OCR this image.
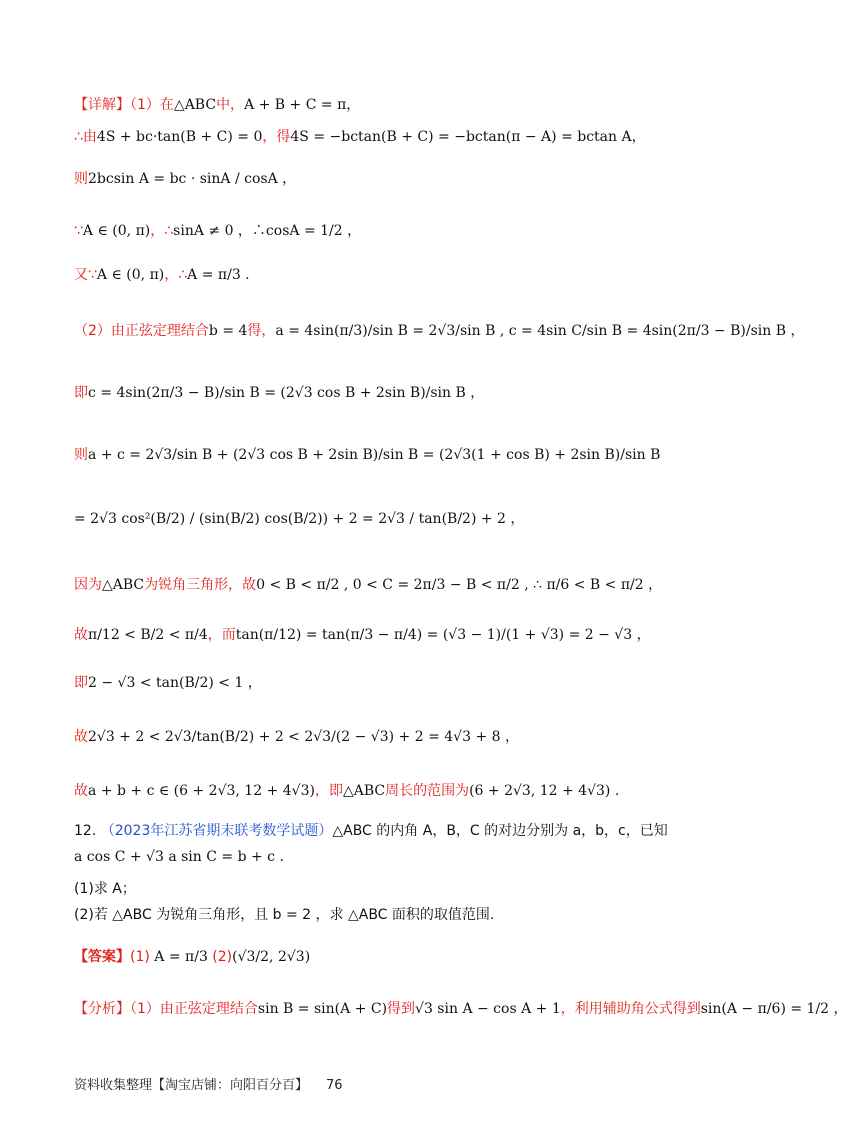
【详解】（1）在△ABC中，A + B + C = π，
∴由4S + bc·tan(B + C) = 0，得4S = −bctan(B + C) = −bctan(π − A) = bctan A，
则2bcsin A = bc · sinA / cosA ，
∵A ∈ (0, π)，∴sinA ≠ 0 ，∴cosA = 1/2 ，
又∵A ∈ (0, π)，∴A = π/3 .
（2）由正弦定理结合b = 4得，a = 4sin(π/3)/sin B = 2√3/sin B , c = 4sin C/sin B = 4sin(2π/3 − B)/sin B ，
即c = 4sin(2π/3 − B)/sin B = (2√3 cos B + 2sin B)/sin B ，
则a + c = 2√3/sin B + (2√3 cos B + 2sin B)/sin B = (2√3(1 + cos B) + 2sin B)/sin B
= 2√3 cos²(B/2) / (sin(B/2) cos(B/2)) + 2 = 2√3 / tan(B/2) + 2 ，
因为△ABC为锐角三角形，故0 < B < π/2 , 0 < C = 2π/3 − B < π/2 , ∴ π/6 < B < π/2 ，
故π/12 < B/2 < π/4，而tan(π/12) = tan(π/3 − π/4) = (√3 − 1)/(1 + √3) = 2 − √3 ，
即2 − √3 < tan(B/2) < 1 ，
故2√3 + 2 < 2√3/tan(B/2) + 2 < 2√3/(2 − √3) + 2 = 4√3 + 8 ，
故a + b + c ∈ (6 + 2√3, 12 + 4√3)，即△ABC周长的范围为(6 + 2√3, 12 + 4√3) .
12. （2023年江苏省期末联考数学试题）△ABC 的内角 A，B，C 的对边分别为 a，b，c，已知
a cos C + √3 a sin C = b + c .
(1)求 A；
(2)若 △ABC 为锐角三角形，且 b = 2 ，求 △ABC 面积的取值范围.
【答案】(1) A = π/3 (2)(√3/2, 2√3)
【分析】（1）由正弦定理结合sin B = sin(A + C)得到√3 sin A − cos A + 1，利用辅助角公式得到sin(A − π/6) = 1/2 ，
资料收集整理【淘宝店铺：向阳百分百】 76
